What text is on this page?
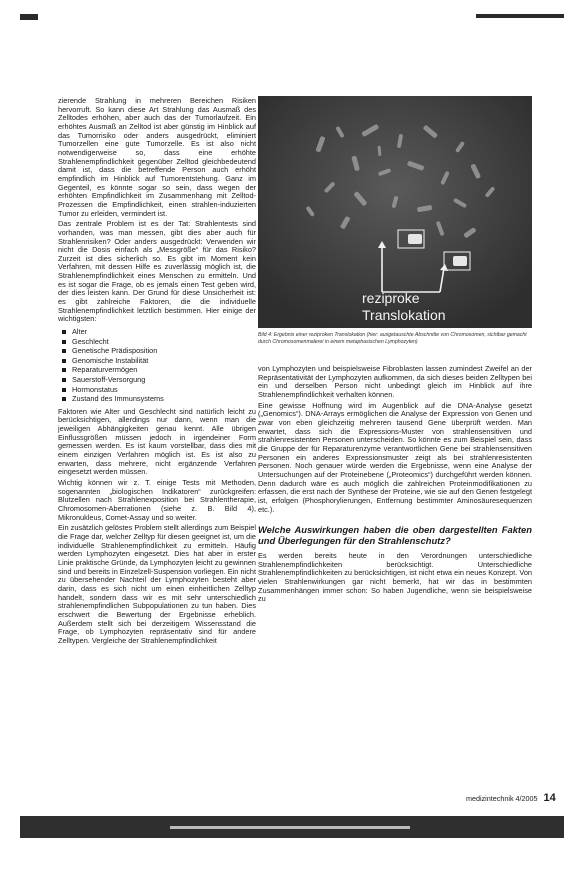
zierende Strahlung in mehreren Bereichen Risiken hervorruft. So kann diese Art Strahlung das Ausmaß des Zelltodes erhöhen, aber auch das der Tumorlaufzeit. Ein erhöhtes Ausmaß an Zelltod ist aber günstig im Hinblick auf das Tumorrisiko oder anders ausgedrückt, eliminiert Tumorzellen eine gute Tumorzelle. Es ist also nicht notwendigerweise so, dass eine erhöhte Strahlenempfindlichkeit gegenüber Zelltod gleichbedeutend damit ist, dass die betreffende Person auch erhöht empfindlich im Hinblick auf Tumorentstehung. Ganz im Gegenteil, es könnte sogar so sein, dass wegen der erhöhten Empfindlichkeit im Zusammenhang mit Zelltod-Prozessen die Empfindlichkeit, einen strahlen-induzierten Tumor zu erleiden, vermindert ist.

Das zentrale Problem ist es der Tat: Strahlentests sind vorhanden, was man messen, gibt dies aber auch für Strahlenrisiken? Oder anders ausgedrückt: Verwenden wir nicht die Dosis einfach als „Messgröße“ für das Risiko? Zurzeit ist dies sicherlich so. Es gibt im Moment kein Verfahren, mit dessen Hilfe es zuverlässig möglich ist, die Strahlenempfindlichkeit eines Menschen zu ermitteln. Und es ist sogar die Frage, ob es jemals einen Test geben wird, der dies leisten kann. Der Grund für diese Unsicherheit ist: es gibt zahlreiche Faktoren, die die individuelle Strahlenempfindlichkeit letztlich bestimmen. Hier einige der wichtigsten:

Alter
Geschlecht
Genetische Prädisposition
Genomische Instabilität
Reparaturvermögen
Sauerstoff-Versorgung
Hormonstatus
Zustand des Immunsystems

Faktoren wie Alter und Geschlecht sind natürlich leicht zu berücksichtigen, allerdings nur dann, wenn man die jeweiligen Abhängigkeiten genau kennt. Alle übrigen Einflussgrößen müssen jedoch in irgendeiner Form gemessen werden. Es ist kaum vorstellbar, dass dies mit einem einzigen Verfahren möglich ist. Es ist also zu erwarten, dass mehrere, nicht ergänzende Verfahren eingesetzt werden müssen.

Wichtig können wir z. T. einige Tests mit Methoden, sogenannten „biologischen Indikatoren“ zurückgreifen: Blutzellen nach Strahlenexposition bei Strahlentherapie, Chromosomen-Aberrationen (siehe z. B. Bild 4), Mikronukleus, Comet-Assay und so weiter.

Ein zusätzlich gelöstes Problem stellt allerdings zum Beispiel die Frage dar, welcher Zelltyp für diesen geeignet ist, um die individuelle Strahlenempfindlichkeit zu ermitteln. Häufig werden Lymphozyten eingesetzt. Dies hat aber in erster Linie praktische Gründe, da Lymphozyten leicht zu gewinnen sind und bereits in Einzelzell-Suspension vorliegen. Ein nicht zu übersehender Nachteil der Lymphozyten besteht aber darin, dass es sich nicht um einen einheitlichen Zelltyp handelt, sondern dass wir es mit sehr unterschiedlich strahlenempfindlichen Subpopulationen zu tun haben. Dies erschwert die Bewertung der Ergebnisse erheblich. Außerdem stellt sich bei derzeitigem Wissensstand die Frage, ob Lymphozyten repräsentativ sind für andere Zelltypen. Vergleiche der Strahlenempfindlichkeit

reziproke
Translokation
Bild 4: Ergebnis einer reziproken Translokation (hier: ausgetauschte Abschnitte von Chromosomen, sichtbar gemacht durch Chromosomenmalerei in einem metaphasischen Lymphozyten)

von Lymphozyten und beispielsweise Fibroblasten lassen zumindest Zweifel an der Repräsentativität der Lymphozyten aufkommen, da sich dieses beiden Zelltypen bei ein und derselben Person nicht unbedingt gleich im Hinblick auf ihre Strahlenempfindlichkeit verhalten können.

Eine gewisse Hoffnung wird im Augenblick auf die DNA-Analyse gesetzt („Genomics“). DNA-Arrays ermöglichen die Analyse der Expression von Genen und zwar von eben gleichzeitig mehreren tausend Gene überprüft werden. Man erwartet, dass sich die Expressions-Muster von strahlensensitiven und strahlenresistenten Personen unterscheiden. So könnte es zum Beispiel sein, dass die Gruppe der für Reparaturenzyme verantwortlichen Gene bei strahlensensitiven Personen ein anderes Expressionsmuster zeigt als bei strahlenresistenten Personen. Noch genauer würde werden die Ergebnisse, wenn eine Analyse der Untersuchungen auf der Proteinebene („Proteomics“) durchgeführt werden können. Denn dadurch wäre es auch möglich die zahlreichen Proteinmodifikationen zu erfassen, die erst nach der Synthese der Proteine, wie sie auf den Genen festgelegt ist, erfolgen (Phosphorylierungen, Entfernung bestimmter Aminosäuresequenzen etc.).

Welche Auswirkungen haben die oben dargestellten Fakten und Überlegungen für den Strahlenschutz?

Es werden bereits heute in den Verordnungen unterschiedliche Strahlenempfindlichkeiten berücksichtigt. Unterschiedliche Strahlenempfindlichkeiten zu berücksichtigen, ist nicht etwa ein neues Konzept. Von vielen Strahlenwirkungen gar nicht bemerkt, hat wir das in bestimmten Zusammenhängen immer schon: So haben Jugendliche, wenn sie beispielsweise zu

medizintechnik 4/2005 14
